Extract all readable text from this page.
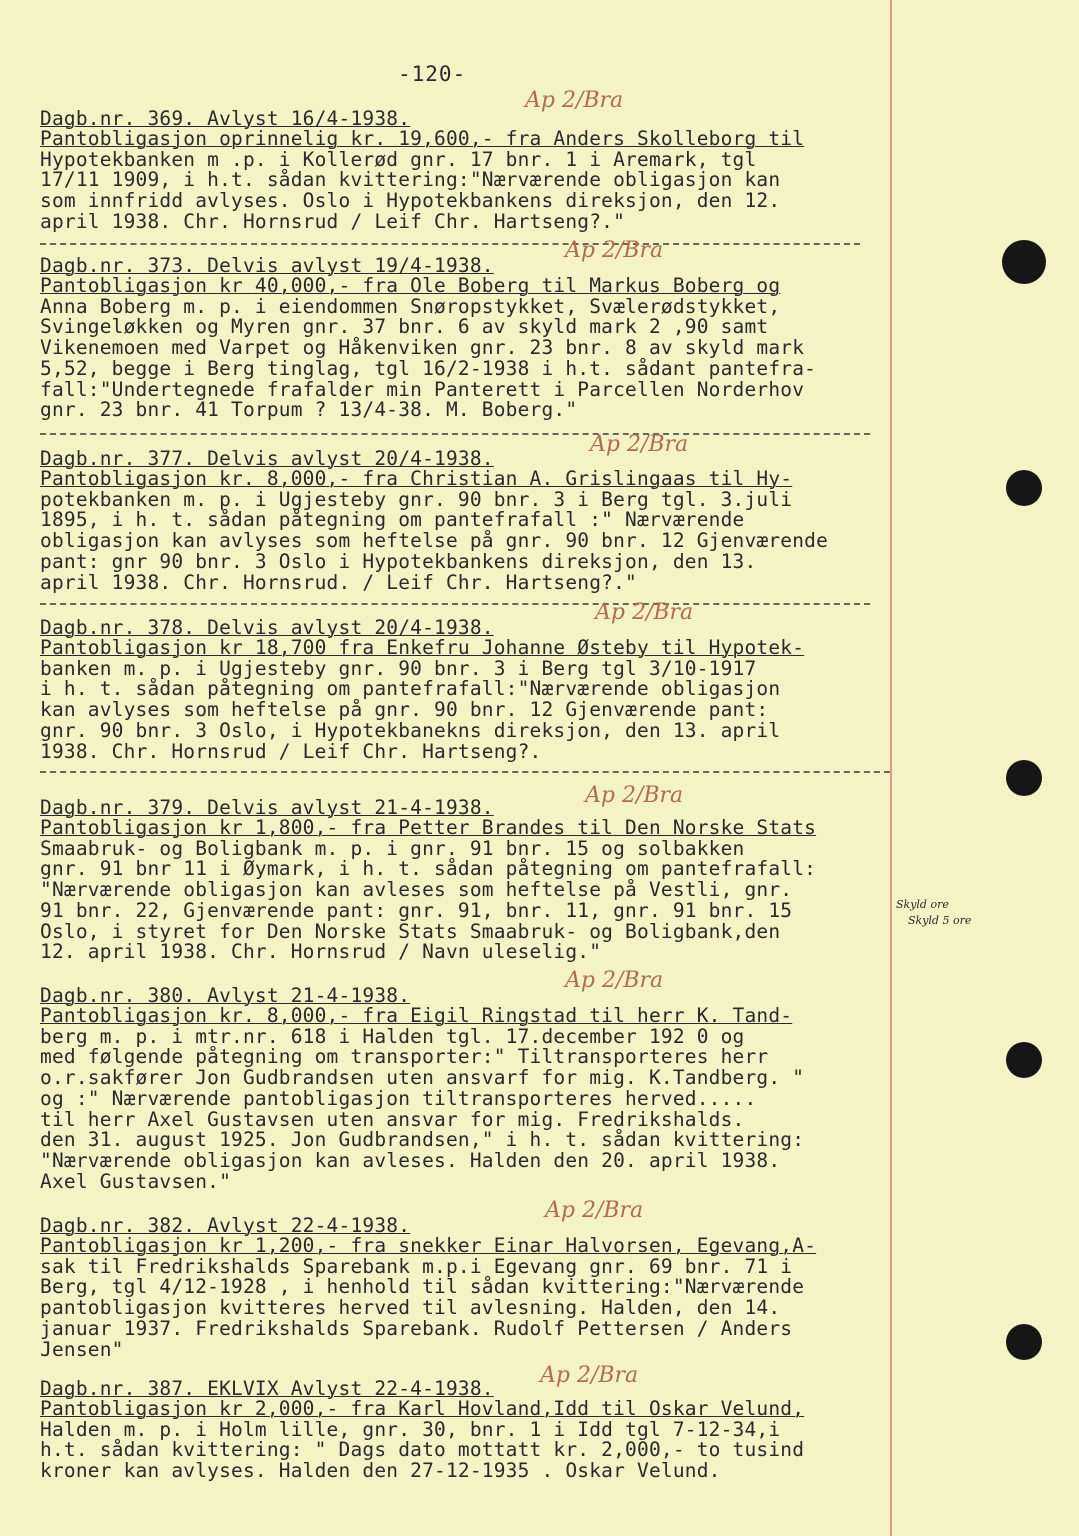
-120-
Dagb.nr. 369. Avlyst 16/4-1938.
Pantobligasjon oprinnelig kr. 19,600,- fra Anders Skolleborg til
Hypotekbanken m .p. i Kollerød gnr. 17 bnr. 1 i Aremark, tgl
17/11 1909, i h.t. sådan kvittering:"Nærværende obligasjon kan
som innfridd avlyses. Oslo i Hypotekbankens direksjon, den 12.
april 1938. Chr. Hornsrud / Leif Chr. Hartseng?."
Ap 2/Bra
Dagb.nr. 373. Delvis avlyst 19/4-1938.
Pantobligasjon kr 40,000,- fra Ole Boberg til Markus Boberg og
Anna Boberg m. p. i eiendommen Snøropstykket, Svælerødstykket,
Svingeløkken og Myren gnr. 37 bnr. 6 av skyld mark 2 ,90 samt
Vikenemoen med Varpet og Håkenviken gnr. 23 bnr. 8 av skyld mark
5,52, begge i Berg tinglag, tgl 16/2-1938 i h.t. sådant pantefra-
fall:"Undertegnede frafalder min Panterett i Parcellen Norderhov
gnr. 23 bnr. 41 Torpum ? 13/4-38. M. Boberg."
Ap 2/Bra
Dagb.nr. 377. Delvis avlyst 20/4-1938.
Pantobligasjon kr. 8,000,- fra Christian A. Grislingaas til Hy-
potekbanken m. p. i Ugjesteby gnr. 90 bnr. 3 i Berg tgl. 3.juli
1895, i h. t. sådan påtegning om pantefrafall :" Nærværende
obligasjon kan avlyses som heftelse på gnr. 90 bnr. 12 Gjenværende
pant: gnr 90 bnr. 3 Oslo i Hypotekbankens direksjon, den 13.
april 1938. Chr. Hornsrud. / Leif Chr. Hartseng?."
Ap 2/Bra
Dagb.nr. 378. Delvis avlyst 20/4-1938.
Pantobligasjon kr 18,700 fra Enkefru Johanne Østeby til Hypotek-
banken m. p. i Ugjesteby gnr. 90 bnr. 3 i Berg tgl 3/10-1917
i h. t. sådan påtegning om pantefrafall:"Nærværende obligasjon
kan avlyses som heftelse på gnr. 90 bnr. 12 Gjenværende pant:
gnr. 90 bnr. 3 Oslo, i Hypotekbanekns direksjon, den 13. april
1938. Chr. Hornsrud / Leif Chr. Hartseng?.
Ap 2/Bra
Dagb.nr. 379. Delvis avlyst 21-4-1938.
Pantobligasjon kr 1,800,- fra Petter Brandes til Den Norske Stats
Smaabruk- og Boligbank m. p. i gnr. 91 bnr. 15 og solbakken
gnr. 91 bnr 11 i Øymark, i h. t. sådan påtegning om pantefrafall:
"Nærværende obligasjon kan avleses som heftelse på Vestli, gnr.
91 bnr. 22, Gjenværende pant: gnr. 91, bnr. 11, gnr. 91 bnr. 15
Oslo, i styret for Den Norske Stats Smaabruk- og Boligbank,den
12. april 1938. Chr. Hornsrud / Navn uleselig."
Ap 2/Bra
Skyld ore
Skyld 5 ore
Dagb.nr. 380. Avlyst 21-4-1938.
Pantobligasjon kr. 8,000,- fra Eigil Ringstad til herr K. Tand-
berg m. p. i mtr.nr. 618 i Halden tgl. 17.december 192 0 og
med følgende påtegning om transporter:" Tiltransporteres herr
o.r.sakfører Jon Gudbrandsen uten ansvarf for mig. K.Tandberg. "
og :" Nærværende pantobligasjon tiltransporteres herved.....
til herr Axel Gustavsen uten ansvar for mig. Fredrikshalds.
den 31. august 1925. Jon Gudbrandsen," i h. t. sådan kvittering:
"Nærværende obligasjon kan avleses. Halden den 20. april 1938.
Axel Gustavsen."
Ap 2/Bra
Dagb.nr. 382. Avlyst 22-4-1938.
Pantobligasjon kr 1,200,- fra snekker Einar Halvorsen, Egevang,A-
sak til Fredrikshalds Sparebank m.p.i Egevang gnr. 69 bnr. 71 i
Berg, tgl 4/12-1928 , i henhold til sådan kvittering:"Nærværende
pantobligasjon kvitteres herved til avlesning. Halden, den 14.
januar 1937. Fredrikshalds Sparebank. Rudolf Pettersen / Anders
Jensen"
Ap 2/Bra
Dagb.nr. 387. EKLVIX Avlyst 22-4-1938.
Pantobligasjon kr 2,000,- fra Karl Hovland,Idd til Oskar Velund,
Halden m. p. i Holm lille, gnr. 30, bnr. 1 i Idd tgl 7-12-34,i
h.t. sådan kvittering: " Dags dato mottatt kr. 2,000,- to tusind
kroner kan avlyses. Halden den 27-12-1935 . Oskar Velund.
Ap 2/Bra
